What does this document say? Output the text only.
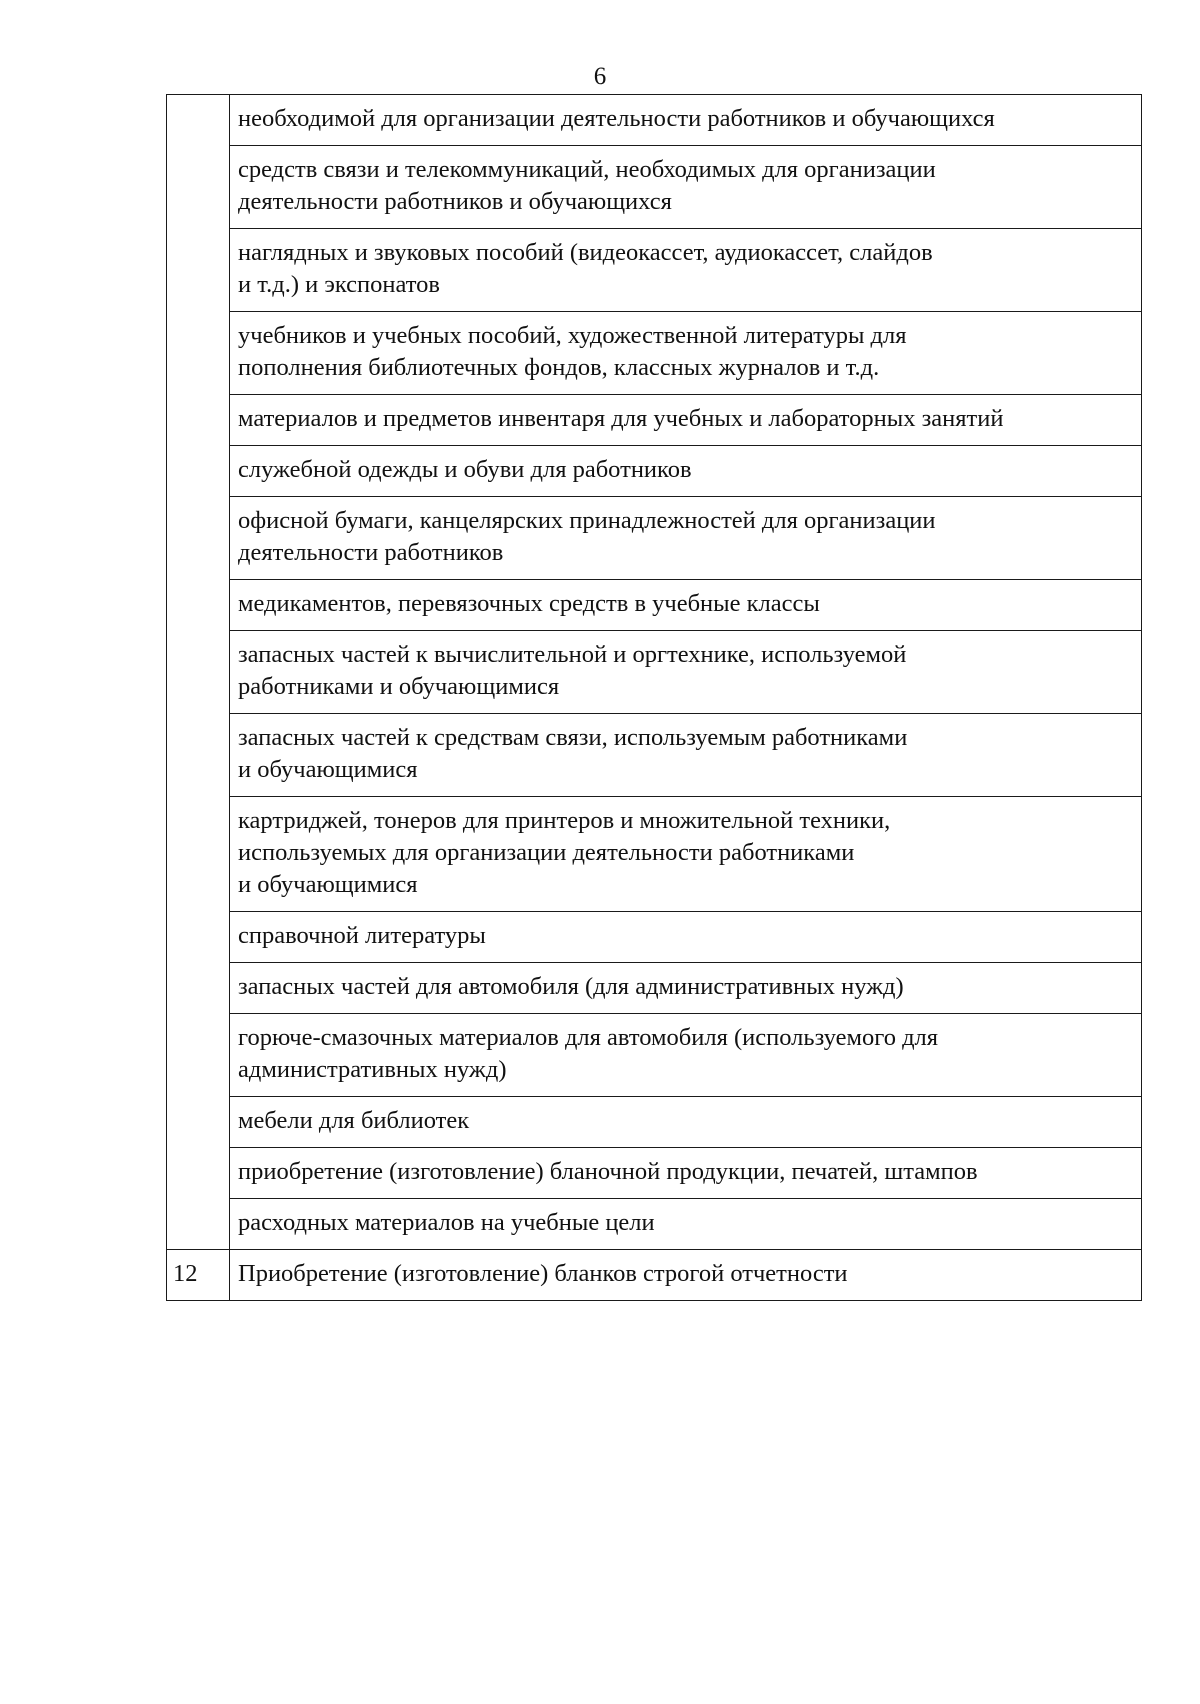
6
	необходимой для организации деятельности работников и обучающихся
	средств связи и телекоммуникаций, необходимых для организации
деятельности работников и обучающихся
	наглядных и звуковых пособий (видеокассет, аудиокассет, слайдов
и т.д.) и экспонатов
	учебников и учебных пособий, художественной литературы для
пополнения библиотечных фондов, классных журналов и т.д.
	материалов и предметов инвентаря для учебных и лабораторных занятий
	служебной одежды и обуви для работников
	офисной бумаги, канцелярских принадлежностей для организации
деятельности работников
	медикаментов, перевязочных средств в учебные классы
	запасных частей к вычислительной и оргтехнике, используемой
работниками и обучающимися
	запасных частей к средствам связи, используемым работниками
и обучающимися
	картриджей, тонеров для принтеров и множительной техники,
используемых для организации деятельности работниками
и обучающимися
	справочной литературы
	запасных частей для автомобиля (для административных нужд)
	горюче-смазочных материалов для автомобиля (используемого для
административных нужд)
	мебели для библиотек
	приобретение (изготовление) бланочной продукции, печатей, штампов
	расходных материалов на учебные цели
12	Приобретение (изготовление) бланков строгой отчетности
